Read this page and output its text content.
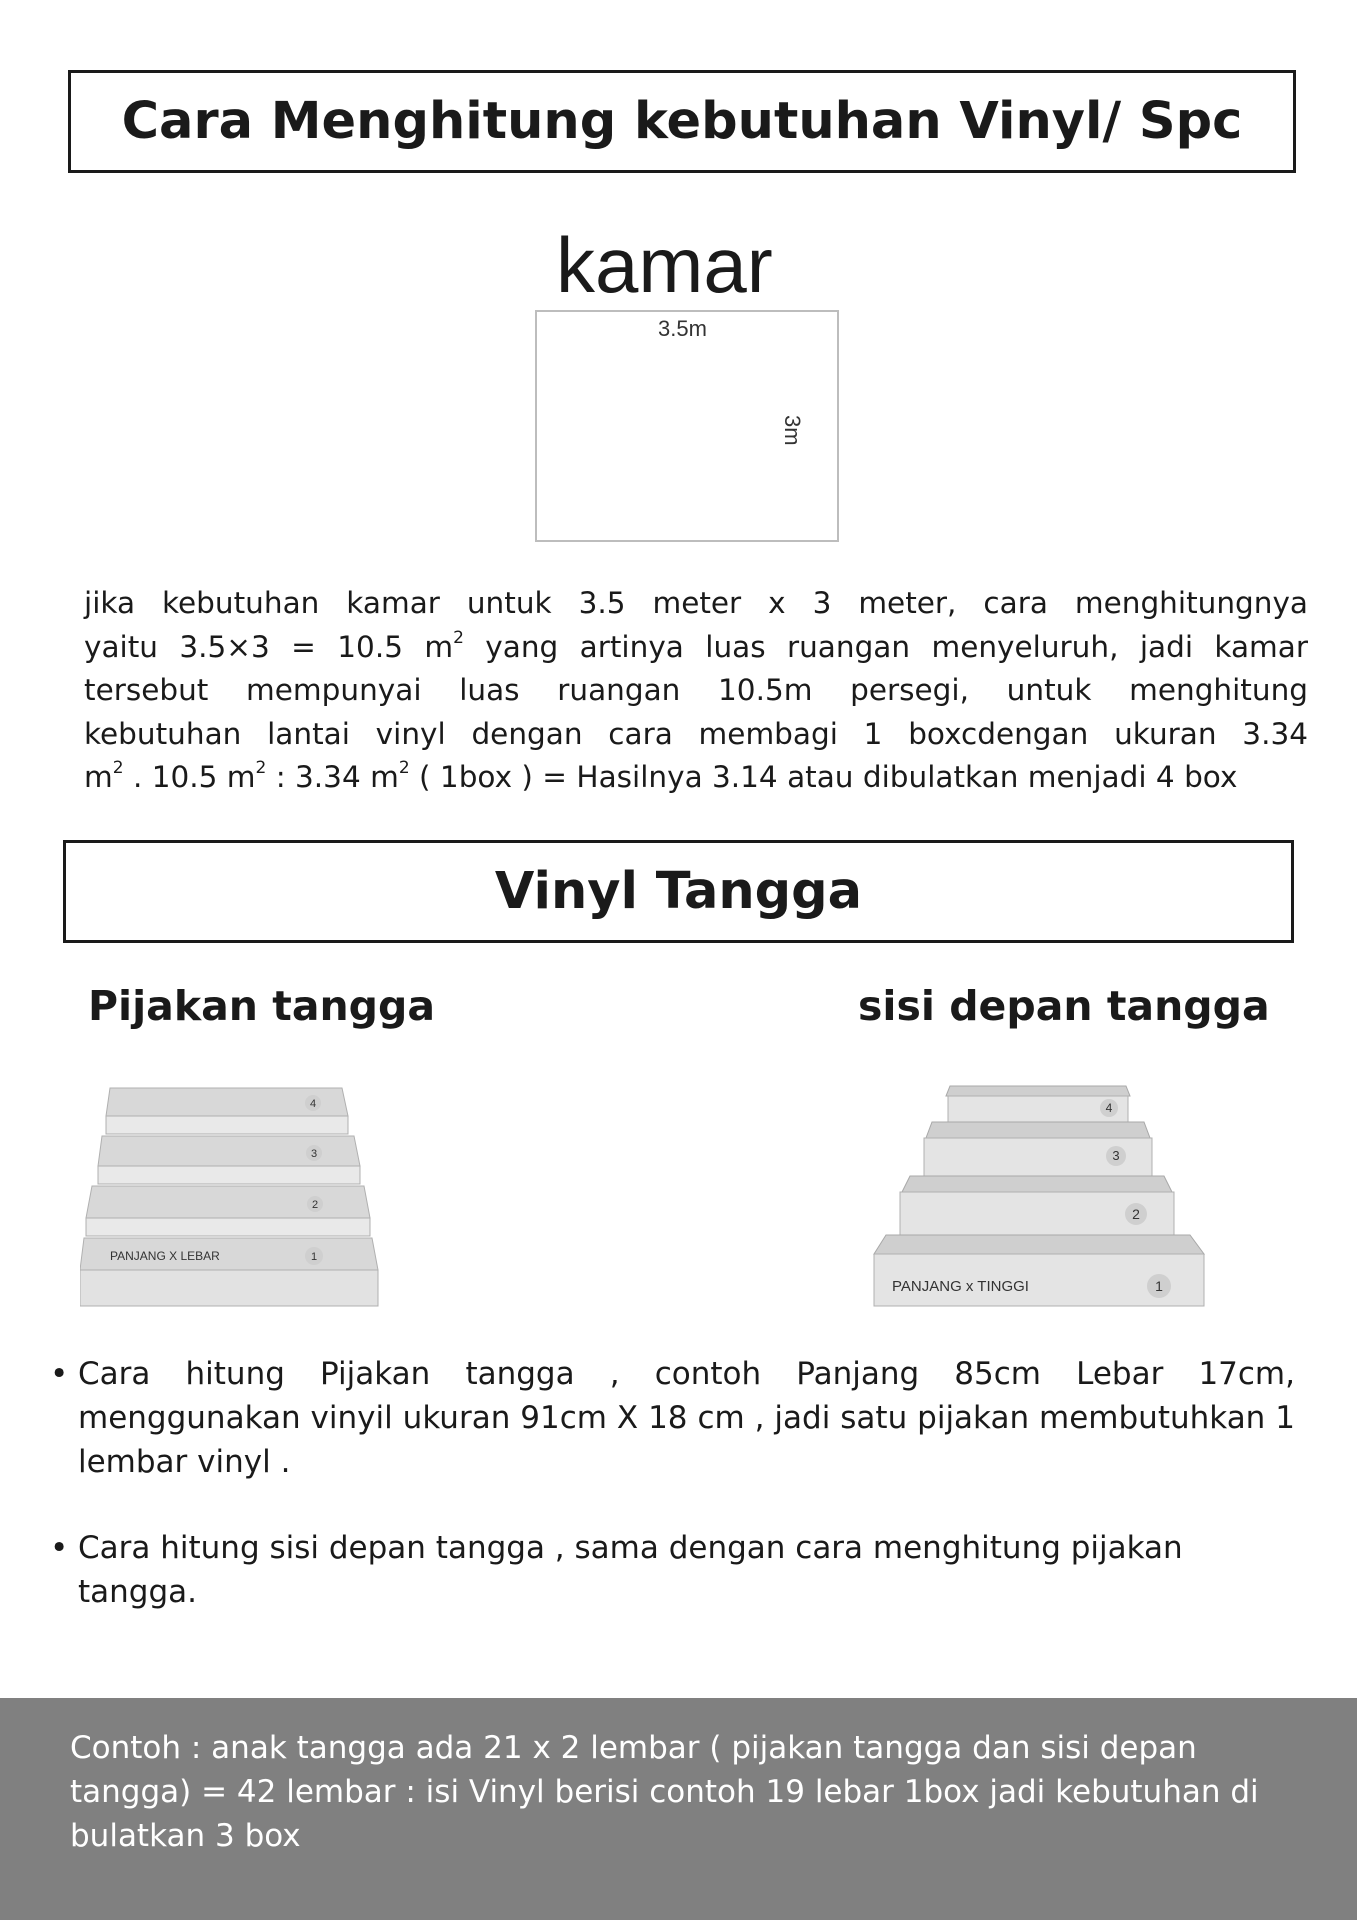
Cara Menghitung kebutuhan Vinyl/ Spc
kamar
3.5m
3m
jika kebutuhan kamar untuk 3.5 meter x 3 meter, cara menghitungnya
yaitu 3.5×3 = 10.5 $m^2$ yang artinya luas ruangan menyeluruh, jadi kamar
tersebut mempunyai luas ruangan 10.5m persegi, untuk menghitung
kebutuhan lantai vinyl dengan cara membagi 1 boxcdengan ukuran 3.34
$m^2$ . 10.5 $m^2$ : 3.34 $m^2$ ( 1box ) = Hasilnya 3.14 atau dibulatkan menjadi 4 box
Vinyl Tangga
Pijakan tangga	sisi depan tangga
4
3
2
1
PANJANG X LEBAR
4
3
2
1
PANJANG x TINGGI
• Cara hitung Pijakan tangga , contoh Panjang 85cm Lebar 17cm, menggunakan vinyil ukuran 91cm X 18 cm , jadi satu pijakan membutuhkan 1 lembar vinyl .
• Cara hitung sisi depan tangga , sama dengan cara menghitung pijakan tangga.

Contoh : anak tangga ada 21 x 2 lembar ( pijakan tangga dan sisi depan tangga) = 42 lembar : isi Vinyl berisi contoh 19 lebar 1box jadi kebutuhan di bulatkan 3 box
